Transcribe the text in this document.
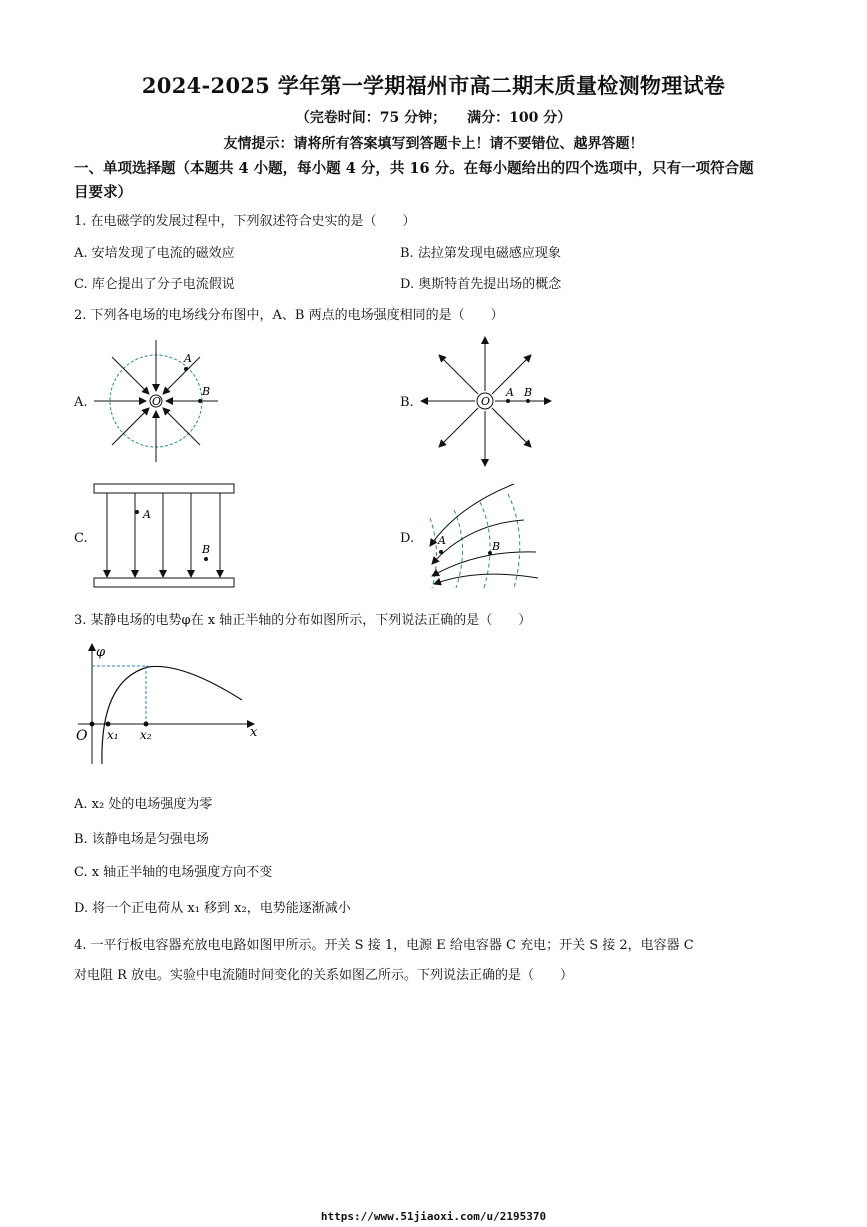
2024-2025 学年第一学期福州市高二期末质量检测物理试卷
（完卷时间：75 分钟；　　满分：100 分）
友情提示：请将所有答案填写到答题卡上！请不要错位、越界答题！
一、单项选择题（本题共 4 小题，每小题 4 分，共 16 分。在每小题给出的四个选项中，只有一项符合题目要求）
1. 在电磁学的发展过程中，下列叙述符合史实的是（　　）
A. 安培发现了电流的磁效应	B. 法拉第发现电磁感应现象
C. 库仑提出了分子电流假说	D. 奥斯特首先提出场的概念
2. 下列各电场的电场线分布图中，A、B 两点的电场强度相同的是（　　）
A.	B.
C.	D.
O
A
B
O
A B
A
B
A	B
3. 某静电场的电势φ在 x 轴正半轴的分布如图所示，下列说法正确的是（　　）
φ
x
O x₁ x₂
A. x₂ 处的电场强度为零
B. 该静电场是匀强电场
C. x 轴正半轴的电场强度方向不变
D. 将一个正电荷从 x₁ 移到 x₂，电势能逐渐减小
4. 一平行板电容器充放电电路如图甲所示。开关 S 接 1，电源 E 给电容器 C 充电；开关 S 接 2，电容器 C
对电阻 R 放电。实验中电流随时间变化的关系如图乙所示。下列说法正确的是（　　）
https://www.51jiaoxi.com/u/2195370
